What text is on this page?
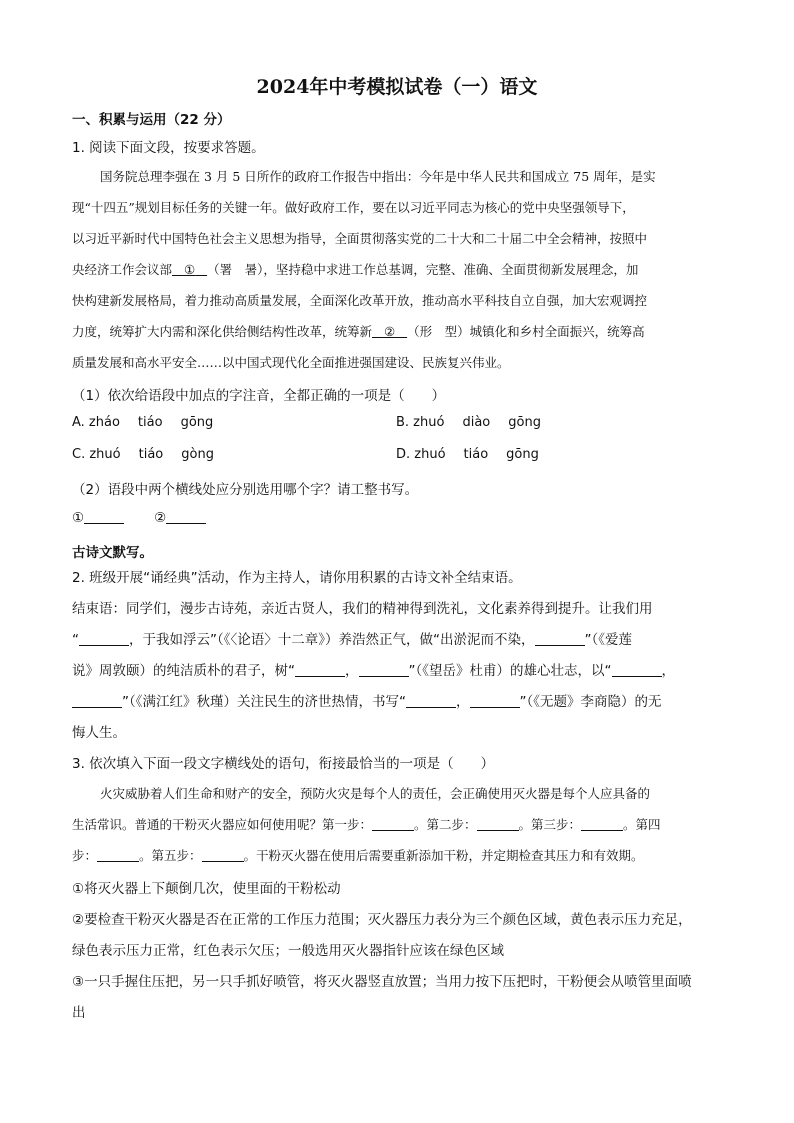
2024年中考模拟试卷（一）语文
一、积累与运用（22 分）
1. 阅读下面文段，按要求答题。
国务院总理李强在 3 月 5 日所作的政府工作报告中指出：今年是中华人民共和国成立 75 周年，是实
现“十四五”规划目标任务的关键一年。做好政府工作，要在以习近平同志为核心的党中央坚强领导下，
以习近平新时代中国特色社会主义思想为指导，全面贯彻落实党的二十大和二十届二中全会精神，按照中
央经济工作会议部 ① （署　暑），坚持稳中求进工作总基调，完整、准确、全面贯彻新发展理念，加
快构建新发展格局，着力推动高质量发展，全面深化改革开放，推动高水平科技自立自强，加大宏观调控
力度，统筹扩大内需和深化供给侧结构性改革，统筹新 ② （形　型）城镇化和乡村全面振兴，统筹高
质量发展和高水平安全……以中国式现代化全面推进强国建设、民族复兴伟业。
（1）依次给语段中加点的字注音，全都正确的一项是（　　）
A. zháo tiáo gōng	B. zhuó diào gōng
C. zhuó tiáo gòng	D. zhuó tiáo gōng
（2）语段中两个横线处应分别选用哪个字？请工整书写。
①	②
古诗文默写。
2. 班级开展“诵经典”活动，作为主持人，请你用积累的古诗文补全结束语。
结束语：同学们，漫步古诗苑，亲近古贤人，我们的精神得到洗礼，文化素养得到提升。让我们用
“	，于我如浮云”（《〈论语〉十二章》）养浩然正气，做“出淤泥而不染，	”（《爱莲
说》周敦颐）的纯洁质朴的君子，树“	，	”（《望岳》杜甫）的雄心壮志，以“	，
”（《满江红》秋瑾）关注民生的济世热情，书写“	，	”（《无题》李商隐）的无
悔人生。
3. 依次填入下面一段文字横线处的语句，衔接最恰当的一项是（　　）
火灾威胁着人们生命和财产的安全，预防火灾是每个人的责任，会正确使用灭火器是每个人应具备的
生活常识。普通的干粉灭火器应如何使用呢？第一步：	。第二步：	。第三步：	。第四
步：	。第五步：	。干粉灭火器在使用后需要重新添加干粉，并定期检查其压力和有效期。
①将灭火器上下颠倒几次，使里面的干粉松动
②要检查干粉灭火器是否在正常的工作压力范围；灭火器压力表分为三个颜色区域，黄色表示压力充足，
绿色表示压力正常，红色表示欠压；一般选用灭火器指针应该在绿色区域
③一只手握住压把，另一只手抓好喷管，将灭火器竖直放置；当用力按下压把时，干粉便会从喷管里面喷
出
